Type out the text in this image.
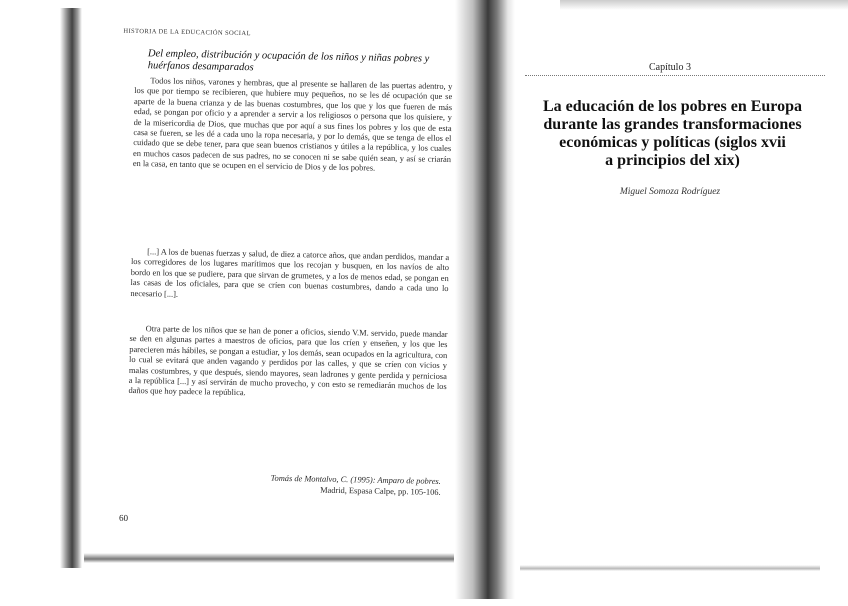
HISTORIA DE LA EDUCACIÓN SOCIAL
Del empleo, distribución y ocupación de los niños y niñas pobres y huérfanos desamparados

Todos los niños, varones y hembras, que al presente se hallaren de las puertas adentro, y los que por tiempo se recibieren, que hubiere muy pequeños, no se les dé ocupación que se aparte de la buena crianza y de las buenas costumbres, que los que y los que fueren de más edad, se pongan por oficio y a aprender a servir a los religiosos o persona que los quisiere, y de la misericordia de Dios, que muchas que por aquí a sus fines los pobres y los que de esta casa se fueren, se les dé a cada uno la ropa necesaria, y por lo demás, que se tenga de ellos el cuidado que se debe tener, para que sean buenos cristianos y útiles a la república, y los cuales en muchos casos padecen de sus padres, no se conocen ni se sabe quién sean, y así se criarán en la casa, en tanto que se ocupen en el servicio de Dios y de los pobres.

[...] A los de buenas fuerzas y salud, de diez a catorce años, que andan perdidos, mandar a los corregidores de los lugares marítimos que los recojan y busquen, en los navíos de alto bordo en los que se pudiere, para que sirvan de grumetes, y a los de menos edad, se pongan en las casas de los oficiales, para que se críen con buenas costumbres, dando a cada uno lo necesario [...].

Otra parte de los niños que se han de poner a oficios, siendo V.M. servido, puede mandar se den en algunas partes a maestros de oficios, para que los críen y enseñen, y los que les parecieren más hábiles, se pongan a estudiar, y los demás, sean ocupados en la agricultura, con lo cual se evitará que anden vagando y perdidos por las calles, y que se críen con vicios y malas costumbres, y que después, siendo mayores, sean ladrones y gente perdida y perniciosa a la república [...] y así servirán de mucho provecho, y con esto se remediarán muchos de los daños que hoy padece la república.

Tomás de Montalvo, C. (1995): Amparo de pobres.
Madrid, Espasa Calpe, pp. 105-106.
60
Capítulo 3
La educación de los pobres en Europa
durante las grandes transformaciones
económicas y políticas (siglos xvii
a principios del xix)
Miguel Somoza Rodríguez
